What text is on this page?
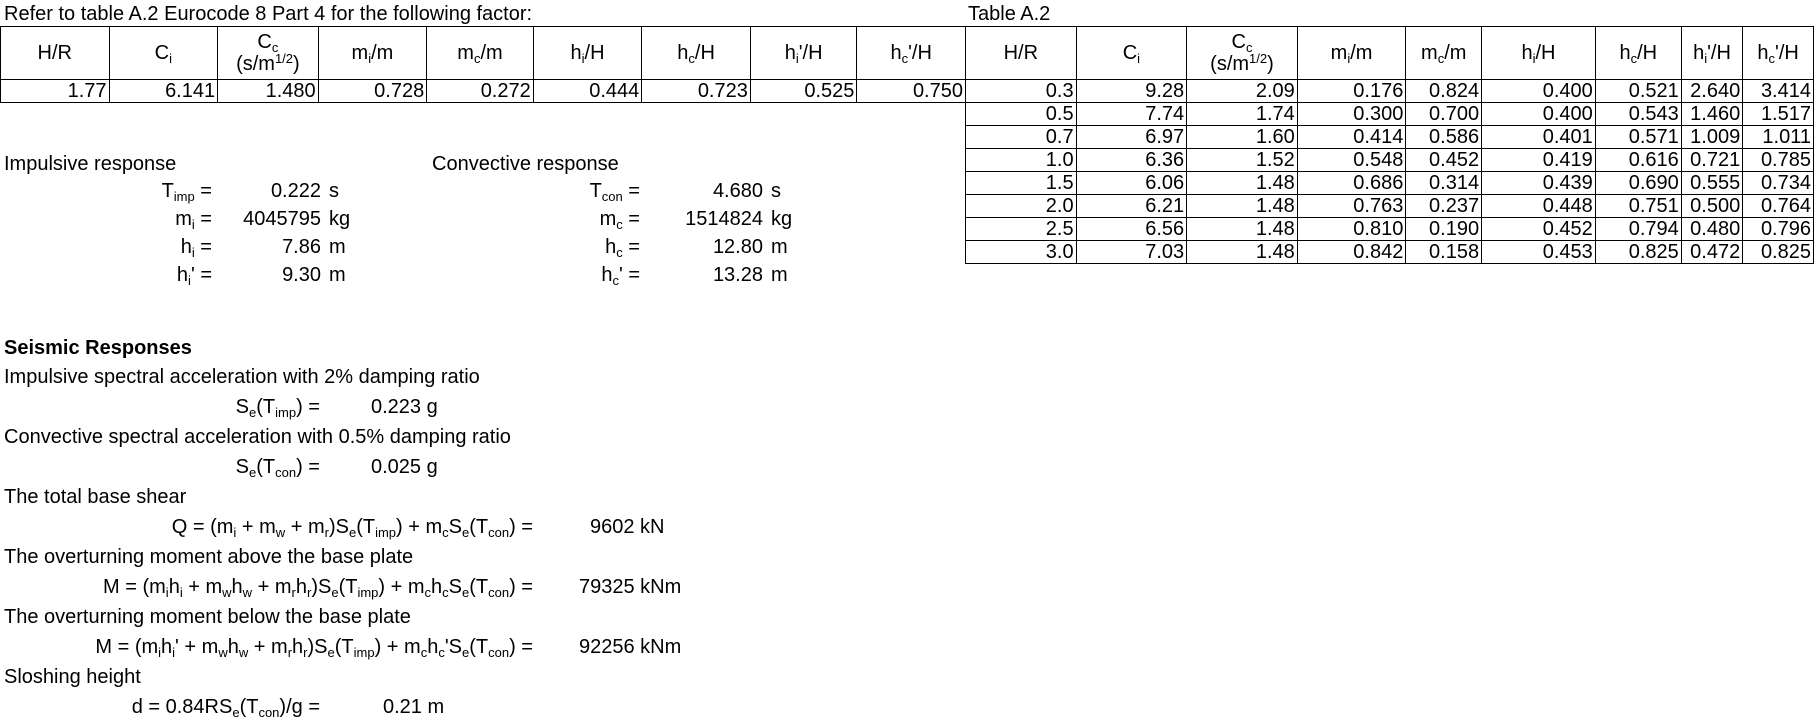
Refer to table A.2 Eurocode 8 Part 4 for the following factor:	Table A.2
H/R	$C_i$	$C_c$
$(s/m^{1/2})$	$m_i/m$	$m_c/m$	$h_i/H$	$h_c/H$	$h_i'/H$	$h_c'/H$
1.77	6.141	1.480	0.728	0.272	0.444	0.723	0.525	0.750
H/R	$C_i$	$C_c$
$(s/m^{1/2})$	$m_i/m$	$m_c/m$	$h_i/H$	$h_c/H$	$h_i'/H$	$h_c'/H$
0.3	9.28	2.09	0.176	0.824	0.400	0.521	2.640	3.414
0.5	7.74	1.74	0.300	0.700	0.400	0.543	1.460	1.517
0.7	6.97	1.60	0.414	0.586	0.401	0.571	1.009	1.011
1.0	6.36	1.52	0.548	0.452	0.419	0.616	0.721	0.785
1.5	6.06	1.48	0.686	0.314	0.439	0.690	0.555	0.734
2.0	6.21	1.48	0.763	0.237	0.448	0.751	0.500	0.764
2.5	6.56	1.48	0.810	0.190	0.452	0.794	0.480	0.796
3.0	7.03	1.48	0.842	0.158	0.453	0.825	0.472	0.825
Impulsive response
$T_{imp}$ =	0.222 s
$m_i$ =	4045795 kg
$h_i$ =	7.86 m
$h_i'$ =	9.30 m
Convective response
$T_{con}$ =	4.680 s
$m_c$ =	1514824 kg
$h_c$ =	12.80 m
$h_c'$ =	13.28 m
Seismic Responses
Impulsive spectral acceleration with 2% damping ratio
$S_e(T_{imp})$ =	0.223 g
Convective spectral acceleration with 0.5% damping ratio
$S_e(T_{con})$ =	0.025 g
The total base shear
$Q = (m_i + m_w + m_r)S_e(T_{imp}) + m_cS_e(T_{con})$ =	9602 kN
The overturning moment above the base plate
$M = (m_ih_i + m_wh_w + m_rh_r)S_e(T_{imp}) + m_ch_cS_e(T_{con}) = 79325$ kNm
The overturning moment below the base plate
$M = (m_ih_i' + m_wh_w + m_rh_r)S_e(T_{imp}) + m_ch_c'S_e(T_{con}) = 92256$ kNm
Sloshing height
$d = 0.84RS_e(T_{con})/g$ =	0.21 m
